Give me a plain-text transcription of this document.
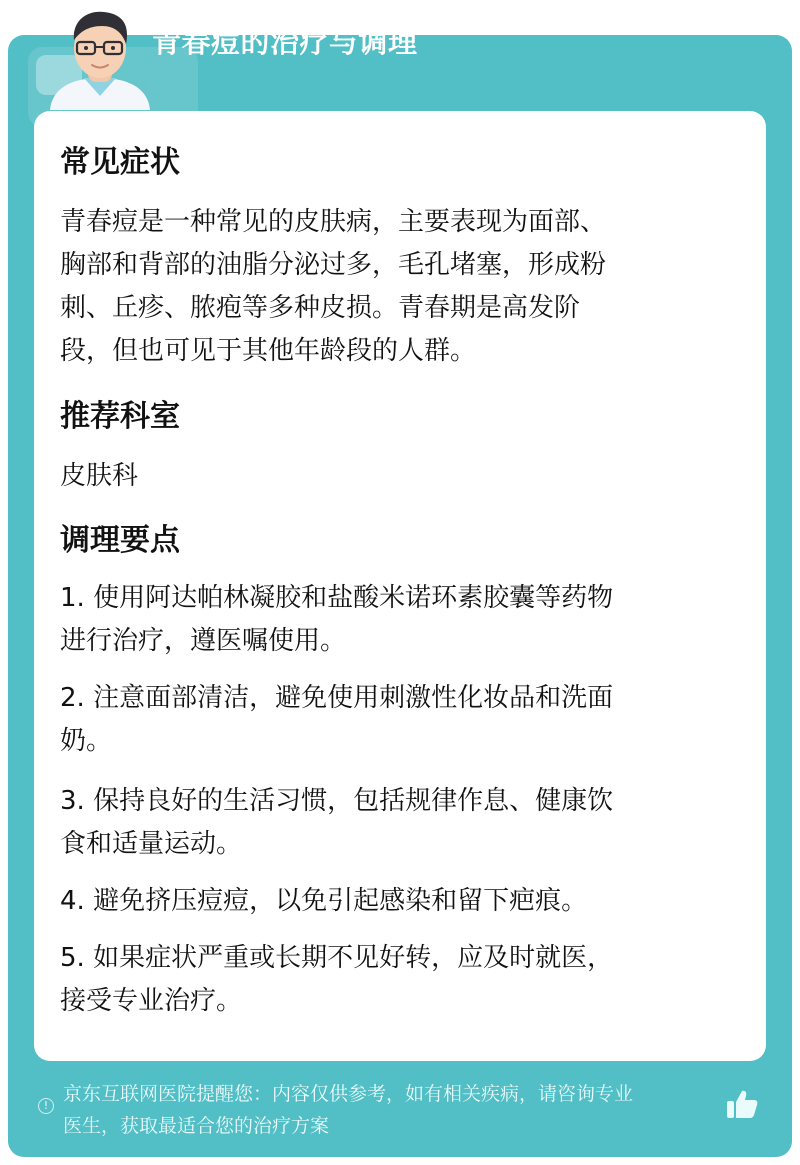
青春痘的治疗与调理
常见症状
青春痘是一种常见的皮肤病，主要表现为面部、
胸部和背部的油脂分泌过多，毛孔堵塞，形成粉
刺、丘疹、脓疱等多种皮损。青春期是高发阶
段，但也可见于其他年龄段的人群。
推荐科室
皮肤科
调理要点
1. 使用阿达帕林凝胶和盐酸米诺环素胶囊等药物
进行治疗，遵医嘱使用。
2. 注意面部清洁，避免使用刺激性化妆品和洗面
奶。
3. 保持良好的生活习惯，包括规律作息、健康饮
食和适量运动。
4. 避免挤压痘痘，以免引起感染和留下疤痕。
5. 如果症状严重或长期不见好转，应及时就医，
接受专业治疗。
!
京东互联网医院提醒您：内容仅供参考，如有相关疾病，请咨询专业
医生，获取最适合您的治疗方案
